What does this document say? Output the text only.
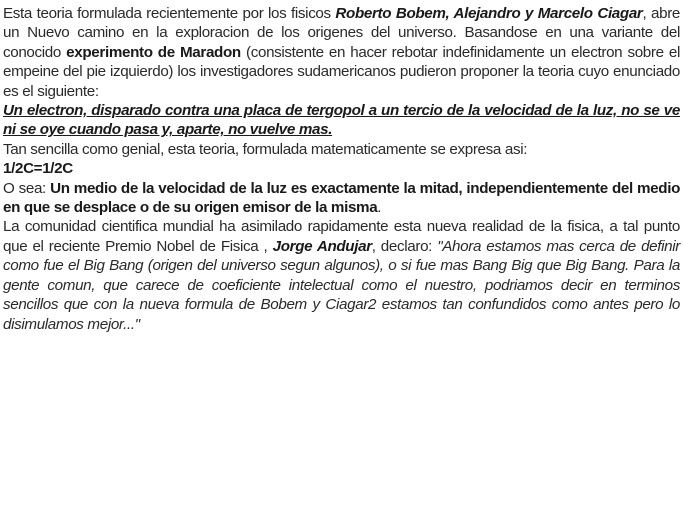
Esta teoria formulada recientemente por los fisicos Roberto Bobem, Alejandro y Marcelo Ciagar, abre un Nuevo camino en la exploracion de los origenes del universo. Basandose en una variante del conocido experimento de Maradon (consistente en hacer rebotar indefinidamente un electron sobre el empeine del pie izquierdo) los investigadores sudamericanos pudieron proponer la teoria cuyo enunciado es el siguiente:

Un electron, disparado contra una placa de tergopol a un tercio de la velocidad de la luz, no se ve ni se oye cuando pasa y, aparte, no vuelve mas.

Tan sencilla como genial, esta teoria, formulada matematicamente se expresa asi:

1/2C=1/2C

O sea: Un medio de la velocidad de la luz es exactamente la mitad, independientemente del medio en que se desplace o de su origen emisor de la misma.

La comunidad cientifica mundial ha asimilado rapidamente esta nueva realidad de la fisica, a tal punto que el reciente Premio Nobel de Fisica , Jorge Andujar, declaro: "Ahora estamos mas cerca de definir como fue el Big Bang (origen del universo segun algunos), o si fue mas Bang Big que Big Bang. Para la gente comun, que carece de coeficiente intelectual como el nuestro, podriamos decir en terminos sencillos que con la nueva formula de Bobem y Ciagar2 estamos tan confundidos como antes pero lo disimulamos mejor..."
